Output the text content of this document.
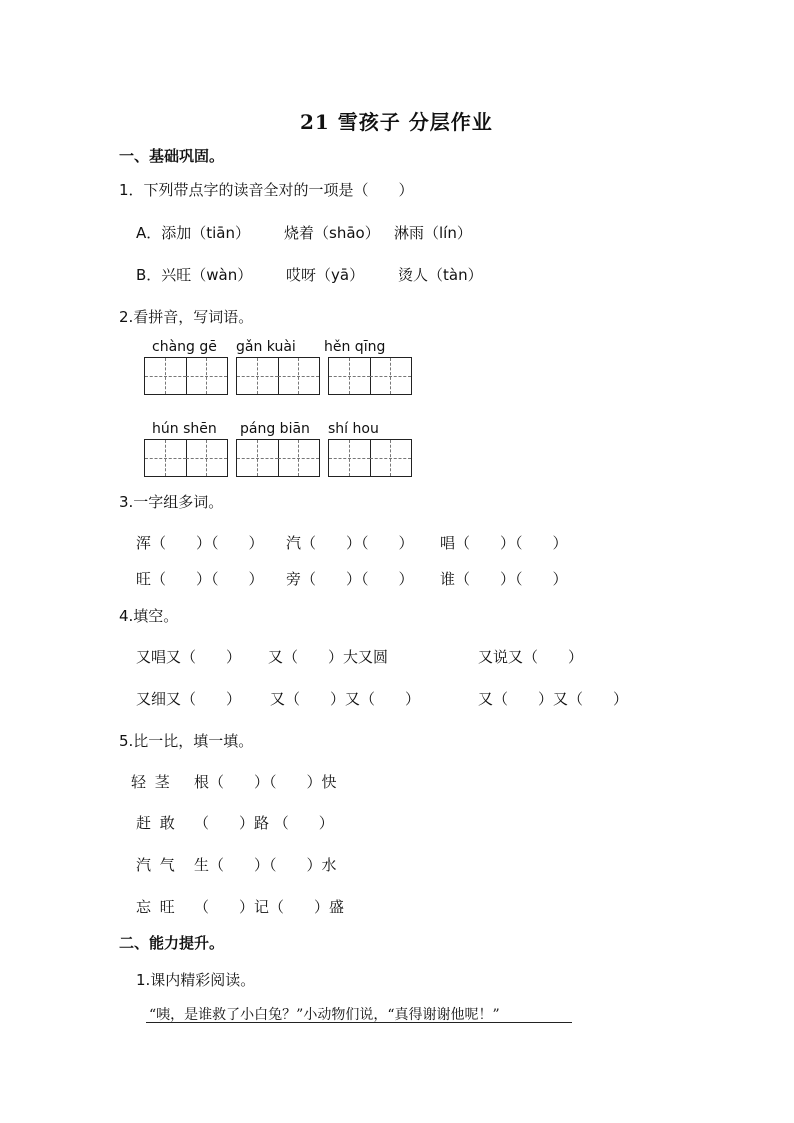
21 雪孩子 分层作业
一、基础巩固。
1．下列带点字的读音全对的一项是（　　）
A．添加（tiān） 烧着（shāo） 淋雨（lín）
B．兴旺（wàn） 哎呀（yā） 烫人（tàn）
2.看拼音，写词语。
chàng gē gǎn kuài hěn qīng
hún shēn páng biān shí hou
3.一字组多词。
浑（　　）（　　） 汽（　　）（　　） 唱（　　）（　　）
旺（　　）（　　） 旁（　　）（　　） 谁（　　）（　　）
4.填空。
又唱又（　　） 又（　　）大又圆	又说又（　　）
又细又（　　） 又（　　）又（　　）	又（　　）又（　　）
5.比一比，填一填。
轻 茎 根（　　）（　　）快
赶 敢 （　　）路 （　　）
汽 气 生（　　）（　　）水
忘 旺 （　　）记（　　）盛
二、能力提升。
1.课内精彩阅读。
“咦，是谁救了小白兔？”小动物们说，“真得谢谢他呢！”
